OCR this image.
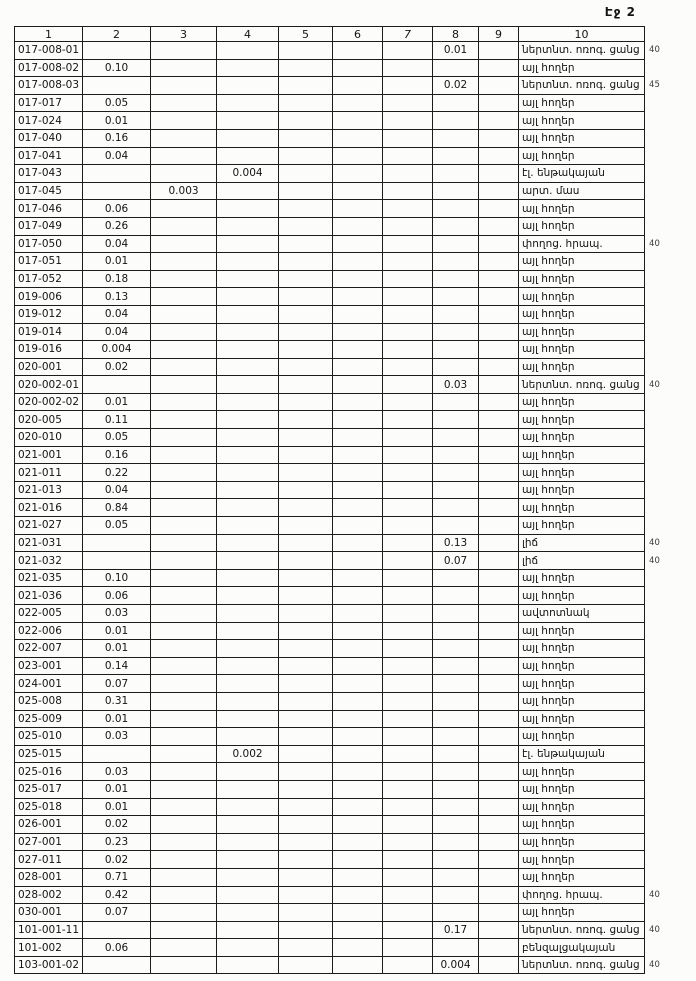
Էջ 2
1	2	3	4	5	6	7	8	9	10	
017-008-01							0.01		ներտնտ. ոռոգ. ցանց	40
017-008-02	0.10								այլ հողեր	
017-008-03							0.02		ներտնտ. ոռոգ. ցանց	45
017-017	0.05								այլ հողեր	
017-024	0.01								այլ հողեր	
017-040	0.16								այլ հողեր	
017-041	0.04								այլ հողեր	
017-043			0.004						էլ. ենթակայան	
017-045		0.003							արտ. մաս	
017-046	0.06								այլ հողեր	
017-049	0.26								այլ հողեր	
017-050	0.04								փողոց. հրապ.	40
017-051	0.01								այլ հողեր	
017-052	0.18								այլ հողեր	
019-006	0.13								այլ հողեր	
019-012	0.04								այլ հողեր	
019-014	0.04								այլ հողեր	
019-016	0.004								այլ հողեր	
020-001	0.02								այլ հողեր	
020-002-01							0.03		ներտնտ. ոռոգ. ցանց	40
020-002-02	0.01								այլ հողեր	
020-005	0.11								այլ հողեր	
020-010	0.05								այլ հողեր	
021-001	0.16								այլ հողեր	
021-011	0.22								այլ հողեր	
021-013	0.04								այլ հողեր	
021-016	0.84								այլ հողեր	
021-027	0.05								այլ հողեր	
021-031							0.13		լիճ	40
021-032							0.07		լիճ	40
021-035	0.10								այլ հողեր	
021-036	0.06								այլ հողեր	
022-005	0.03								ավտոտնակ	
022-006	0.01								այլ հողեր	
022-007	0.01								այլ հողեր	
023-001	0.14								այլ հողեր	
024-001	0.07								այլ հողեր	
025-008	0.31								այլ հողեր	
025-009	0.01								այլ հողեր	
025-010	0.03								այլ հողեր	
025-015			0.002						էլ. ենթակայան	
025-016	0.03								այլ հողեր	
025-017	0.01								այլ հողեր	
025-018	0.01								այլ հողեր	
026-001	0.02								այլ հողեր	
027-001	0.23								այլ հողեր	
027-011	0.02								այլ հողեր	
028-001	0.71								այլ հողեր	
028-002	0.42								փողոց. հրապ.	40
030-001	0.07								այլ հողեր	
101-001-11							0.17		ներտնտ. ոռոգ. ցանց	40
101-002	0.06								բենզալցակայան	
103-001-02							0.004		ներտնտ. ոռոգ. ցանց	40
